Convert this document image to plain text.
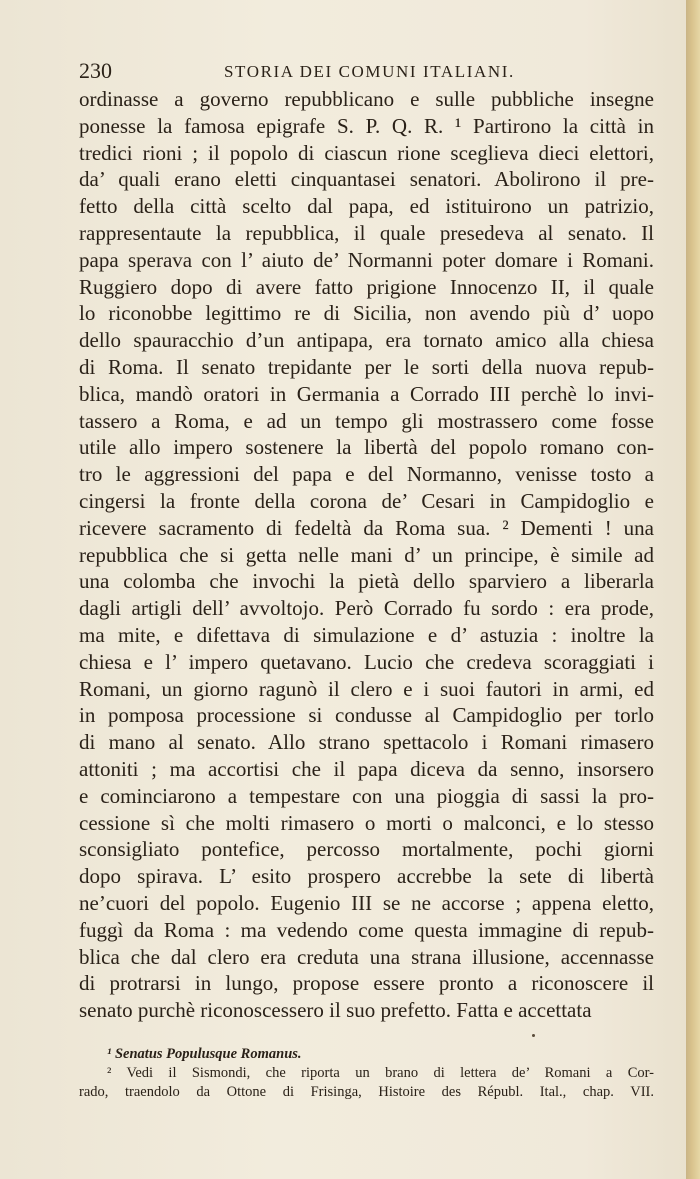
230	STORIA DEI COMUNI ITALIANI.
ordinasse a governo repubblicano e sulle pubbliche insegne
ponesse la famosa epigrafe S. P. Q. R. ¹ Partirono la città in
tredici rioni ; il popolo di ciascun rione sceglieva dieci elettori,
da’ quali erano eletti cinquantasei senatori. Abolirono il pre-
fetto della città scelto dal papa, ed istituirono un patrizio,
rappresentaute la repubblica, il quale presedeva al senato. Il
papa sperava con l’ aiuto de’ Normanni poter domare i Romani.
Ruggiero dopo di avere fatto prigione Innocenzo II, il quale
lo riconobbe legittimo re di Sicilia, non avendo più d’ uopo
dello spauracchio d’un antipapa, era tornato amico alla chiesa
di Roma. Il senato trepidante per le sorti della nuova repub-
blica, mandò oratori in Germania a Corrado III perchè lo invi-
tassero a Roma, e ad un tempo gli mostrassero come fosse
utile allo impero sostenere la libertà del popolo romano con-
tro le aggressioni del papa e del Normanno, venisse tosto a
cingersi la fronte della corona de’ Cesari in Campidoglio e
ricevere sacramento di fedeltà da Roma sua. ² Dementi ! una
repubblica che si getta nelle mani d’ un principe, è simile ad
una colomba che invochi la pietà dello sparviero a liberarla
dagli artigli dell’ avvoltojo. Però Corrado fu sordo : era prode,
ma mite, e difettava di simulazione e d’ astuzia : inoltre la
chiesa e l’ impero quetavano. Lucio che credeva scoraggiati i
Romani, un giorno ragunò il clero e i suoi fautori in armi, ed
in pomposa processione si condusse al Campidoglio per torlo
di mano al senato. Allo strano spettacolo i Romani rimasero
attoniti ; ma accortisi che il papa diceva da senno, insorsero
e cominciarono a tempestare con una pioggia di sassi la pro-
cessione sì che molti rimasero o morti o malconci, e lo stesso
sconsigliato pontefice, percosso mortalmente, pochi giorni
dopo spirava. L’ esito prospero accrebbe la sete di libertà
ne’cuori del popolo. Eugenio III se ne accorse ; appena eletto,
fuggì da Roma : ma vedendo come questa immagine di repub-
blica che dal clero era creduta una strana illusione, accennasse
di protrarsi in lungo, propose essere pronto a riconoscere il
senato purchè riconoscessero il suo prefetto. Fatta e accettata
¹ Senatus Populusque Romanus.
² Vedi il Sismondi, che riporta un brano di lettera de’ Romani a Cor-
rado, traendolo da Ottone di Frisinga, Histoire des Républ. Ital., chap. VII.
